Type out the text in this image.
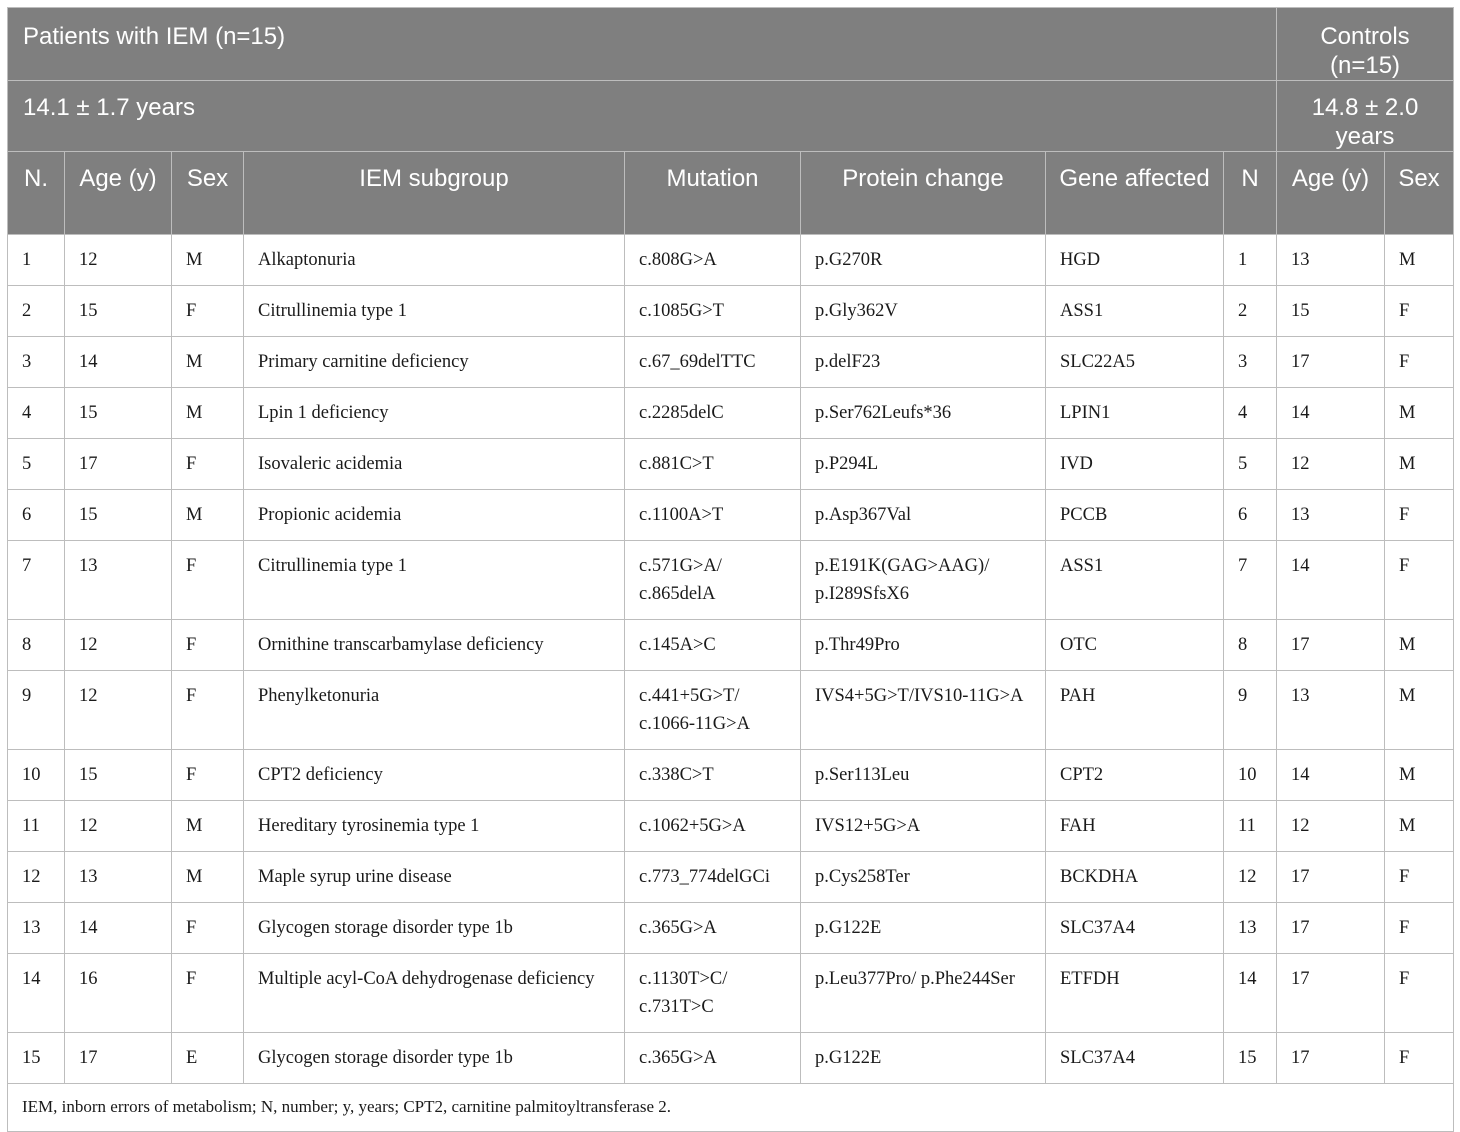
Patients with IEM (n=15)								Controls (n=15)	
14.1 ± 1.7 years								14.8 ± 2.0 years	
N.	Age (y)	Sex	IEM subgroup	Mutation	Protein change	Gene affected	N	Age (y)	Sex
1	12	M	Alkaptonuria	c.808G>A	p.G270R	HGD	1	13	M
2	15	F	Citrullinemia type 1	c.1085G>T	p.Gly362V	ASS1	2	15	F
3	14	M	Primary carnitine deficiency	c.67_69delTTC	p.delF23	SLC22A5	3	17	F
4	15	M	Lpin 1 deficiency	c.2285delC	p.Ser762Leufs*36	LPIN1	4	14	M
5	17	F	Isovaleric acidemia	c.881C>T	p.P294L	IVD	5	12	M
6	15	M	Propionic acidemia	c.1100A>T	p.Asp367Val	PCCB	6	13	F
7	13	F	Citrullinemia type 1	c.571G>A/ c.865delA	p.E191K(GAG>AAG)/ p.I289SfsX6	ASS1	7	14	F
8	12	F	Ornithine transcarbamylase deficiency	c.145A>C	p.Thr49Pro	OTC	8	17	M
9	12	F	Phenylketonuria	c.441+5G>T/ c.1066-11G>A	IVS4+5G>T/IVS10-11G>A	PAH	9	13	M
10	15	F	CPT2 deficiency	c.338C>T	p.Ser113Leu	CPT2	10	14	M
11	12	M	Hereditary tyrosinemia type 1	c.1062+5G>A	IVS12+5G>A	FAH	11	12	M
12	13	M	Maple syrup urine disease	c.773_774delGCi	p.Cys258Ter	BCKDHA	12	17	F
13	14	F	Glycogen storage disorder type 1b	c.365G>A	p.G122E	SLC37A4	13	17	F
14	16	F	Multiple acyl-CoA dehydrogenase deficiency	c.1130T>C/ c.731T>C	p.Leu377Pro/ p.Phe244Ser	ETFDH	14	17	F
15	17	E	Glycogen storage disorder type 1b	c.365G>A	p.G122E	SLC37A4	15	17	F
IEM, inborn errors of metabolism; N, number; y, years; CPT2, carnitine palmitoyltransferase 2.									
